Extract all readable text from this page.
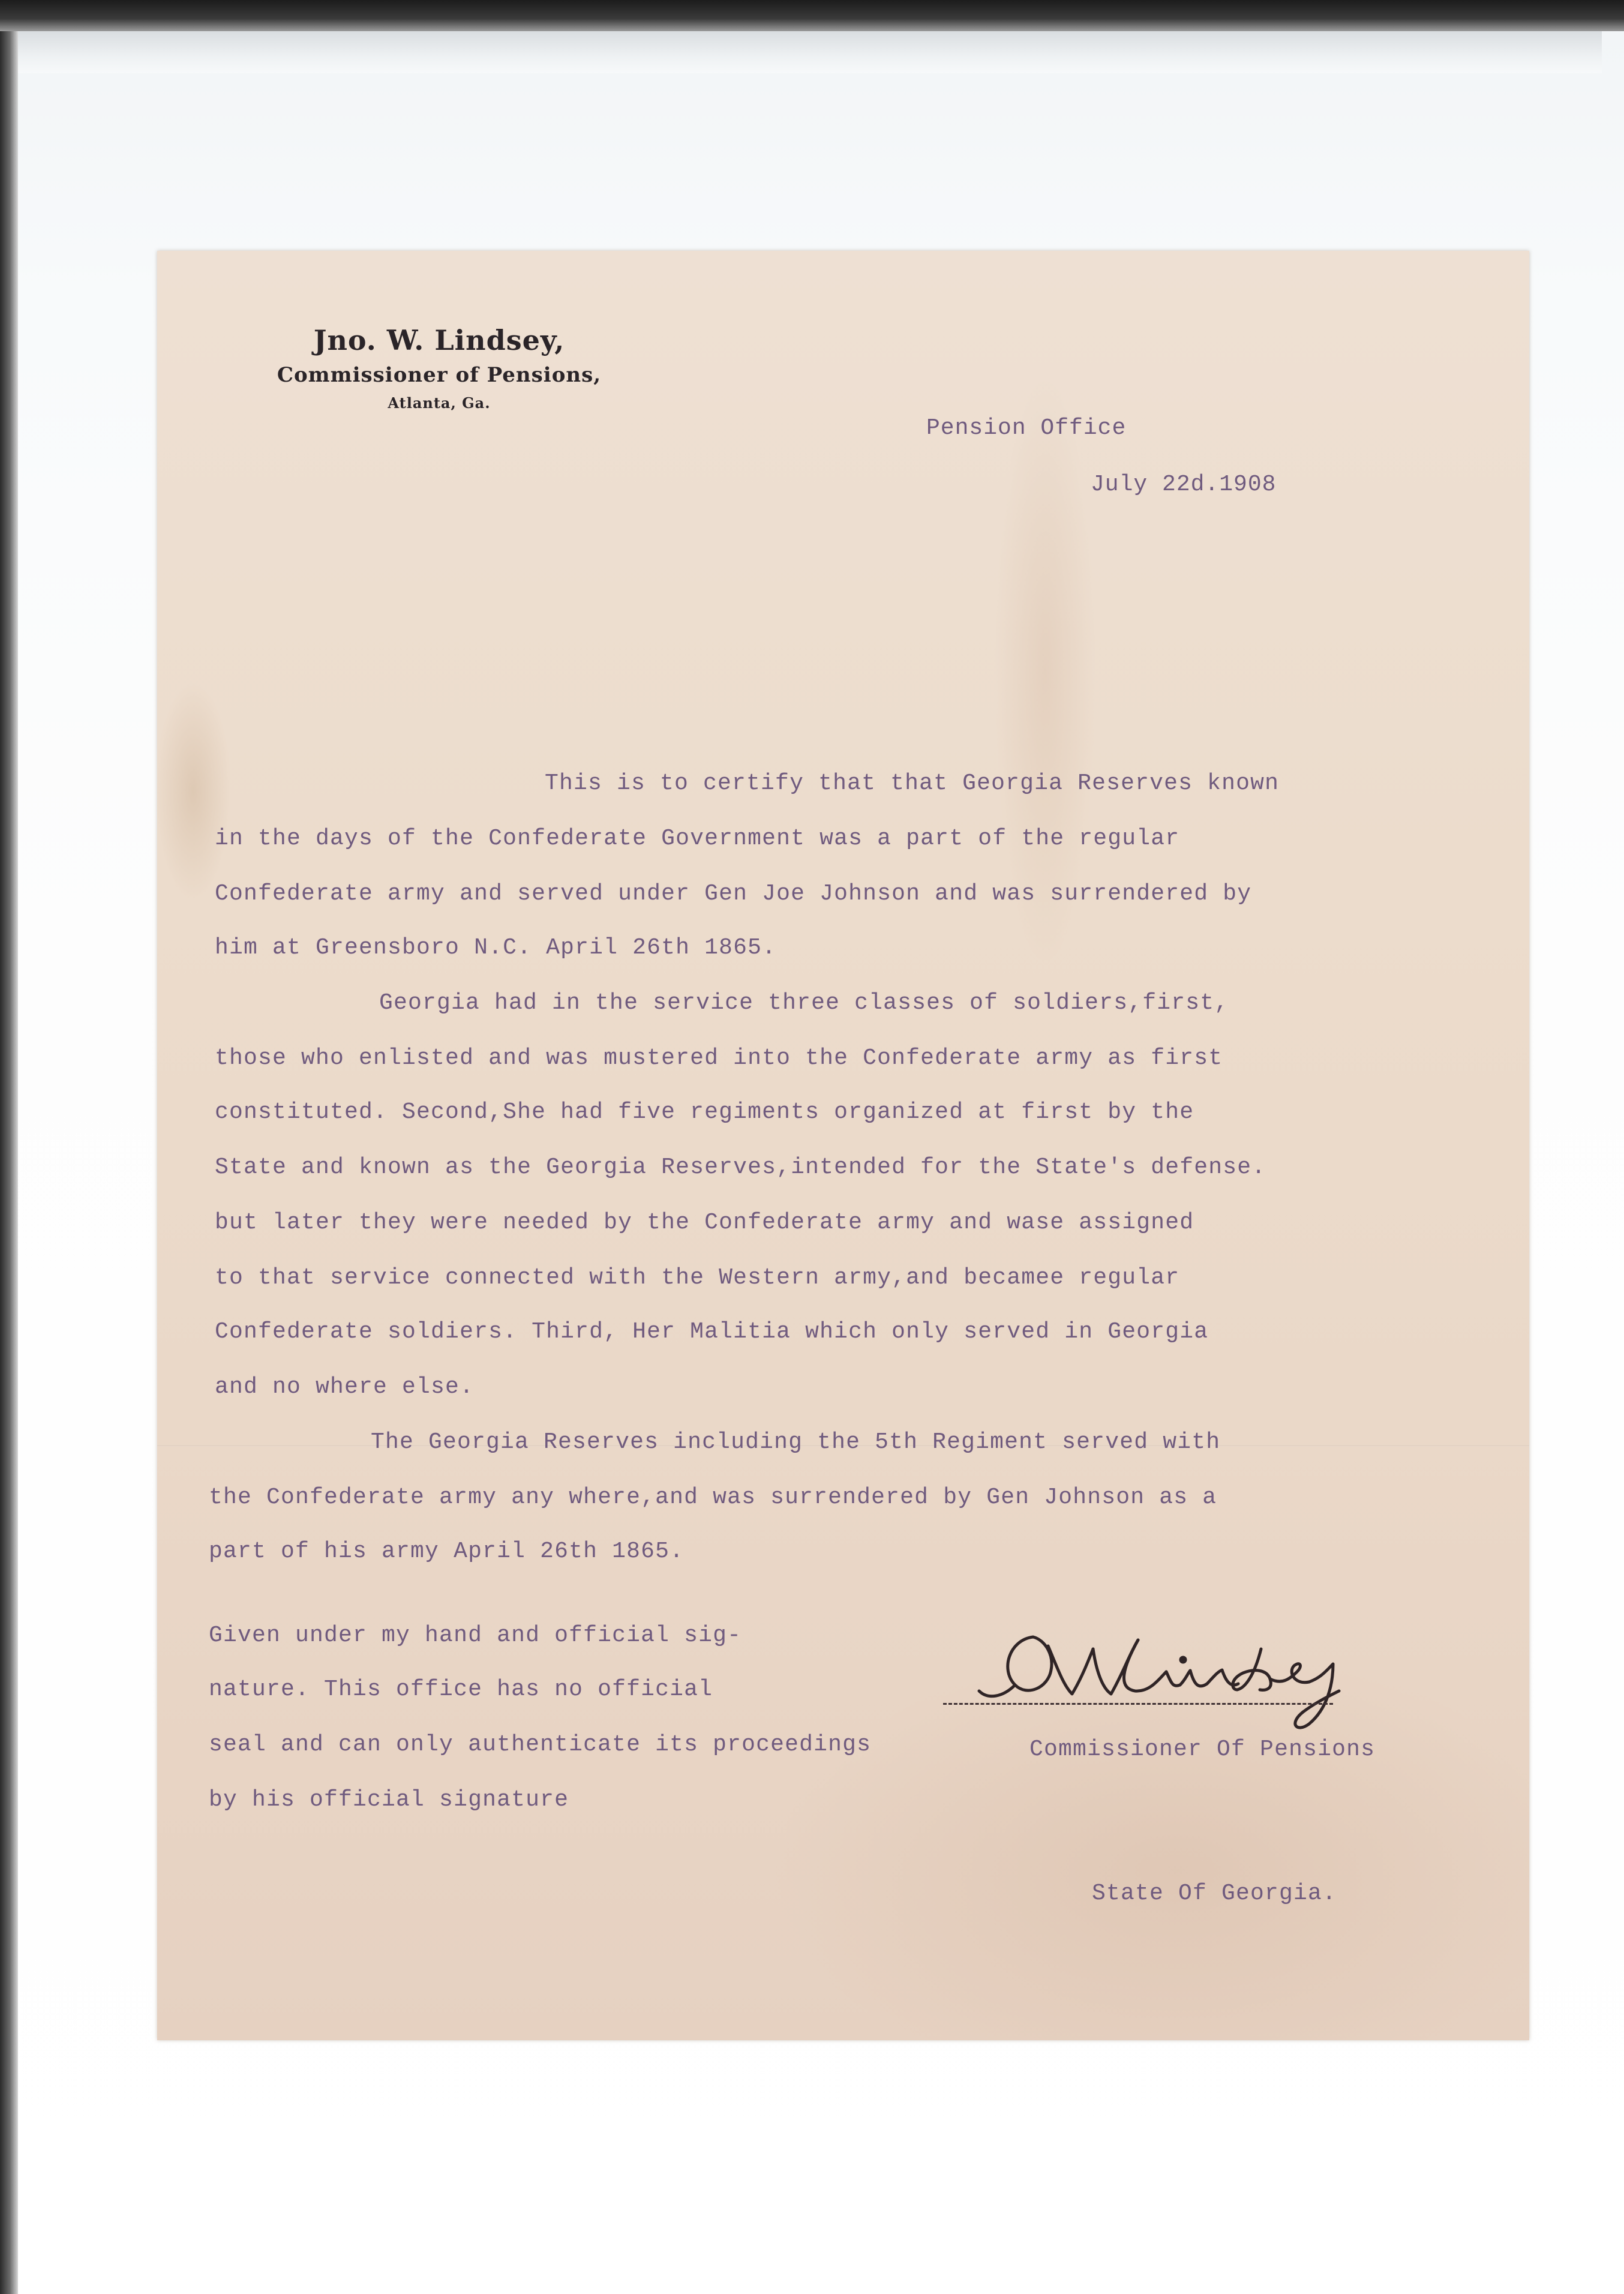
Jno. W. Lindsey,
Commissioner of Pensions,
Atlanta, Ga.
Pension Office
July 22d.1908
This is to certify that that Georgia Reserves known
in the days of the Confederate Government was a part of the regular
Confederate army and served under Gen Joe Johnson and was surrendered by
him at Greensboro N.C. April 26th 1865.
Georgia had in the service three classes of soldiers,first,
those who enlisted and was mustered into the Confederate army as first
constituted. Second,She had five regiments organized at first by the
State and known as the Georgia Reserves,intended for the State's defense.
but later they were needed by the Confederate army and wase assigned
to that service connected with the Western army,and becamee regular
Confederate soldiers. Third, Her Malitia which only served in Georgia
and no where else.
The Georgia Reserves including the 5th Regiment served with
the Confederate army any where,and was surrendered by Gen Johnson as a
part of his army April 26th 1865.
Given under my hand and official sig-
nature. This office has no official
seal and can only authenticate its proceedings
by his official signature
Commissioner Of Pensions
State Of Georgia.
